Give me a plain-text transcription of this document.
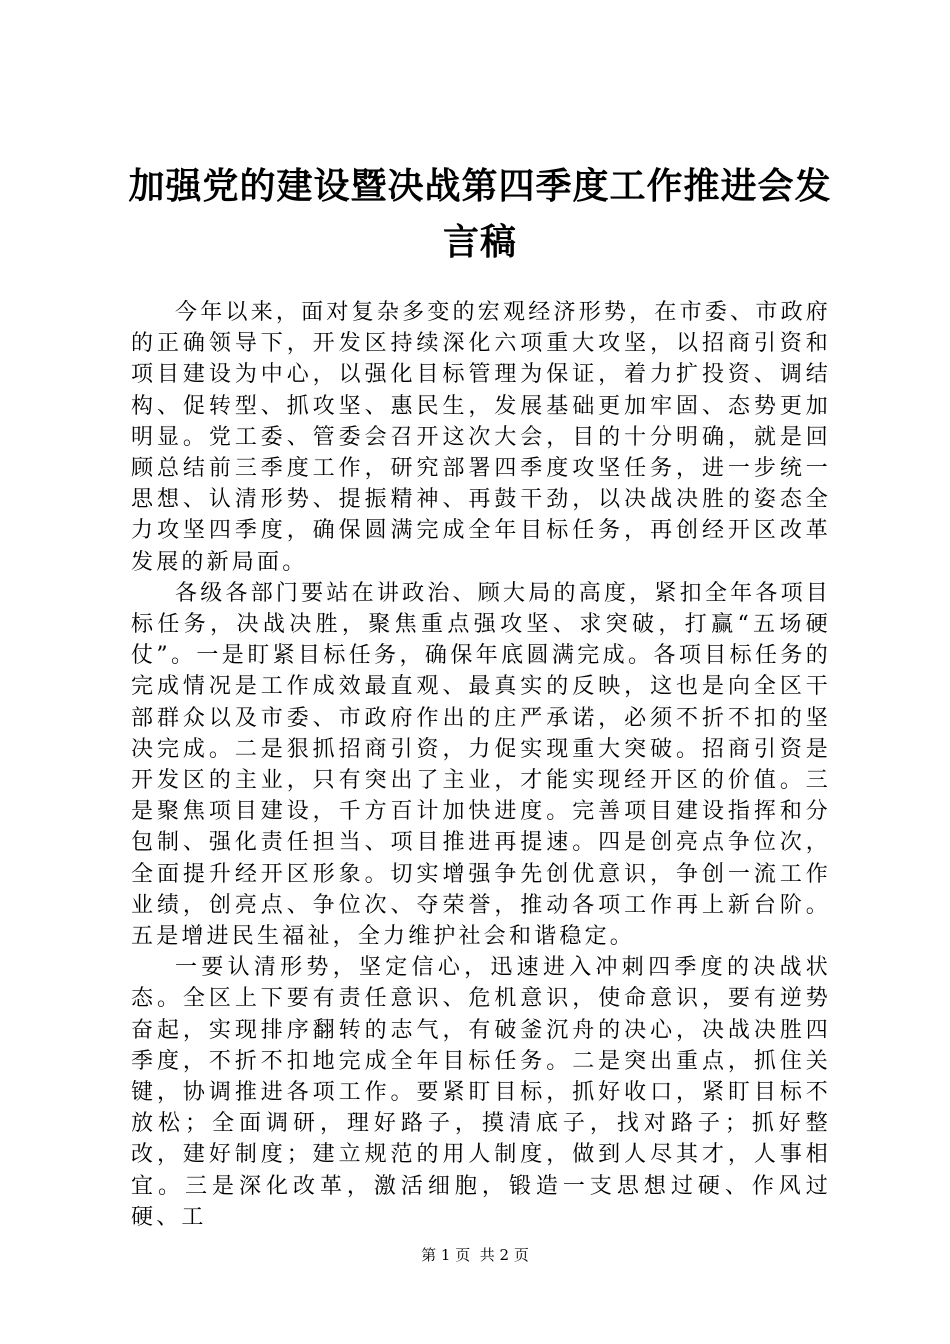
加强党的建设暨决战第四季度工作推进会发言稿

今年以来，面对复杂多变的宏观经济形势，在市委、市政府的正确领导下，开发区持续深化六项重大攻坚，以招商引资和项目建设为中心，以强化目标管理为保证，着力扩投资、调结构、促转型、抓攻坚、惠民生，发展基础更加牢固、态势更加明显。党工委、管委会召开这次大会，目的十分明确，就是回顾总结前三季度工作，研究部署四季度攻坚任务，进一步统一思想、认清形势、提振精神、再鼓干劲，以决战决胜的姿态全力攻坚四季度，确保圆满完成全年目标任务，再创经开区改革发展的新局面。

各级各部门要站在讲政治、顾大局的高度，紧扣全年各项目标任务，决战决胜，聚焦重点强攻坚、求突破，打赢“五场硬仗”。一是盯紧目标任务，确保年底圆满完成。各项目标任务的完成情况是工作成效最直观、最真实的反映，这也是向全区干部群众以及市委、市政府作出的庄严承诺，必须不折不扣的坚决完成。二是狠抓招商引资，力促实现重大突破。招商引资是开发区的主业，只有突出了主业，才能实现经开区的价值。三是聚焦项目建设，千方百计加快进度。完善项目建设指挥和分包制、强化责任担当、项目推进再提速。四是创亮点争位次，全面提升经开区形象。切实增强争先创优意识，争创一流工作业绩，创亮点、争位次、夺荣誉，推动各项工作再上新台阶。五是增进民生福祉，全力维护社会和谐稳定。

一要认清形势，坚定信心，迅速进入冲刺四季度的决战状态。全区上下要有责任意识、危机意识，使命意识，要有逆势奋起，实现排序翻转的志气，有破釜沉舟的决心，决战决胜四季度，不折不扣地完成全年目标任务。二是突出重点，抓住关键，协调推进各项工作。要紧盯目标，抓好收口，紧盯目标不放松；全面调研，理好路子，摸清底子，找对路子；抓好整改，建好制度；建立规范的用人制度，做到人尽其才，人事相宜。三是深化改革，激活细胞，锻造一支思想过硬、作风过硬、工

第 1 页  共 2 页
